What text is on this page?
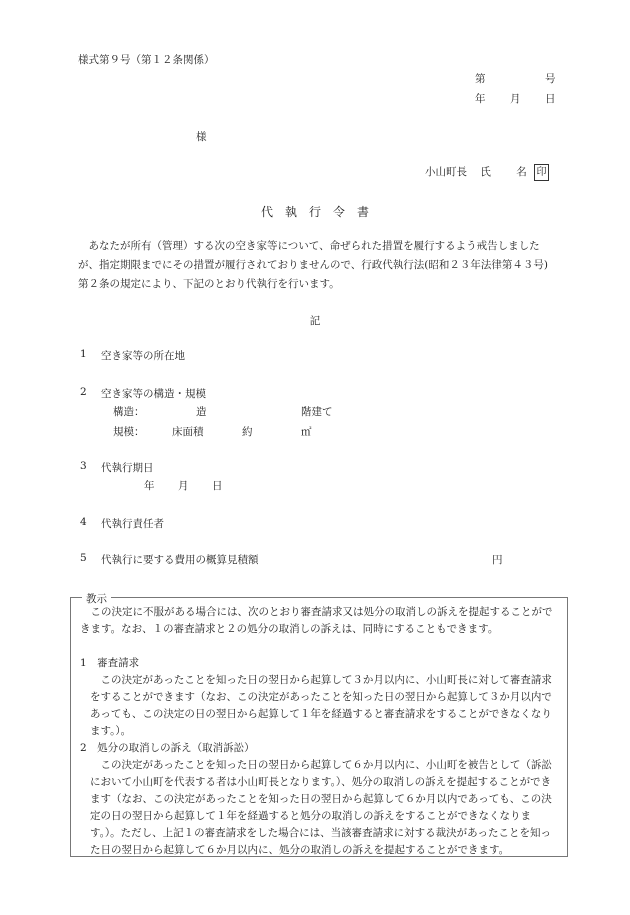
様式第９号（第１２条関係）
第	号
年 月 日
様
小山町長 氏 名 印
代　執　行　令　書
　あなたが所有（管理）する次の空き家等について、命ぜられた措置を履行するよう戒告しましたが、指定期限までにその措置が履行されておりませんので、行政代執行法(昭和２３年法律第４３号)第２条の規定により、下記のとおり代執行を行います。
記
1 空き家等の所在地
2 空き家等の構造・規模
構造：	造	階建て
規模：	床面積	約	㎡
3 代執行期日
年 月 日
4 代執行責任者
5 代執行に要する費用の概算見積額	円
教示
　この決定に不服がある場合には、次のとおり審査請求又は処分の取消しの訴えを提起することができます。なお、１の審査請求と２の処分の取消しの訴えは、同時にすることもできます。
1　審査請求
　この決定があったことを知った日の翌日から起算して３か月以内に、小山町長に対して審査請求をすることができます（なお、この決定があったことを知った日の翌日から起算して３か月以内であっても、この決定の日の翌日から起算して１年を経過すると審査請求をすることができなくなります。）。
2　処分の取消しの訴え（取消訴訟）
　この決定があったことを知った日の翌日から起算して６か月以内に、小山町を被告として（訴訟において小山町を代表する者は小山町長となります。）、処分の取消しの訴えを提起することができます（なお、この決定があったことを知った日の翌日から起算して６か月以内であっても、この決定の日の翌日から起算して１年を経過すると処分の取消しの訴えをすることができなくなります。）。ただし、上記１の審査請求をした場合には、当該審査請求に対する裁決があったことを知った日の翌日から起算して６か月以内に、処分の取消しの訴えを提起することができます。
